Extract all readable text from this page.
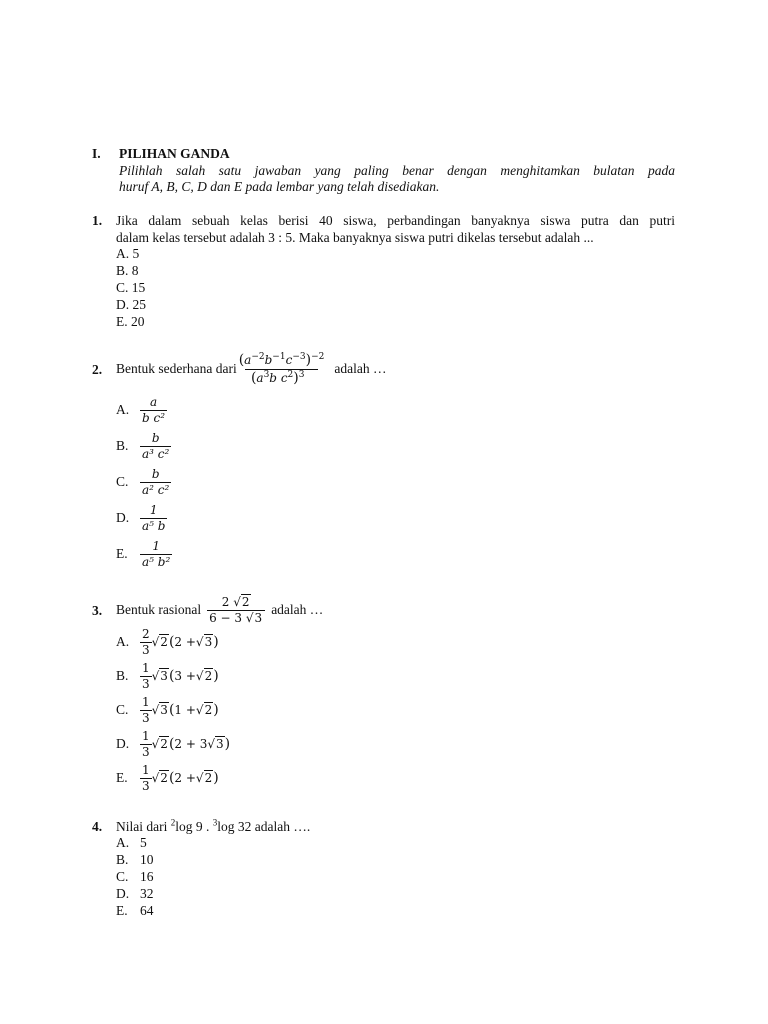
I. PILIHAN GANDA
Pilihlah salah satu jawaban yang paling benar dengan menghitamkan bulatan pada
huruf A, B, C, D dan E pada lembar yang telah disediakan.
1. Jika dalam sebuah kelas berisi 40 siswa, perbandingan banyaknya siswa putra dan putri
dalam kelas tersebut adalah 3 : 5. Maka banyaknya siswa putri dikelas tersebut adalah ...
A. 5
B. 8
C. 15
D. 25
E. 20
2. Bentuk sederhana dari $\frac{(a^{-2}b^{-1}c^{-3})^{-2}}{(a^3b c^2)^3}$ adalah …
A. $\frac{a}{\text{b c²}}$
B. $\frac{b}{\text{a³ c²}}$
C. $\frac{b}{\text{a² c²}}$
D. $\frac{1}{\text{a⁵ b}}$
E.	$\frac{1}{\text{a⁵ b²}}$
3. Bentuk rasional $\frac{2 √2}{6 - 3 √3}$ adalah …
A. $\frac{2}{3} √2$ ( 2 + √3 )
B. $\frac{1}{3} √3$ ( 3 + √2 )
C. $\frac{1}{3} √3$ ( 1 + √2 )
D. $\frac{1}{3} √2$ ( 2 + 3 √3 )
E.	$\frac{1}{3} √2$ ( 2 + √2 )
4. Nilai dari $^2$log 9 . $^3$log 32 adalah ….
A. 5
B. 10
C. 16
D. 32
E. 64
